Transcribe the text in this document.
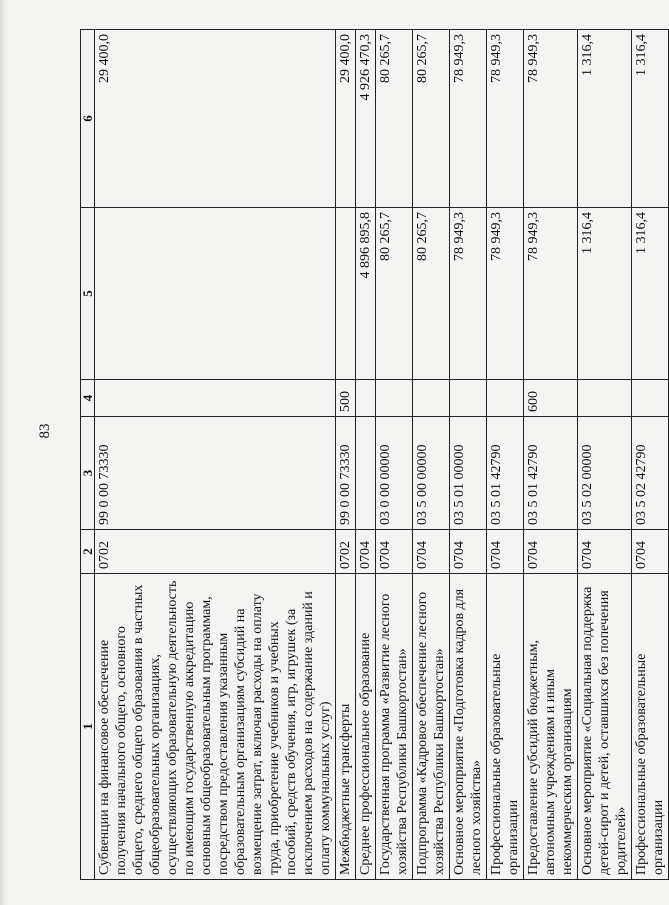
83
1	2	3	4	5	6
Субвенции на финансовое обеспечение получения начального общего, основного общего, среднего общего образования в частных общеобразовательных организациях, осуществляющих образовательную деятельность по имеющим государственную аккредитацию основным общеобразовательным программам, посредством предоставления указанным образовательным организациям субсидий на возмещение затрат, включая расходы на оплату труда, приобретение учебников и учебных пособий, средств обучения, игр, игрушек (за исключением расходов на содержание зданий и оплату коммунальных услуг)	0702	99 0 00 73330			29 400,0
Межбюджетные трансферты	0702	99 0 00 73330	500		29 400,0
Среднее профессиональное образование	0704			4 896 895,8	4 926 470,3
Государственная программа «Развитие лесного хозяйства Республики Башкортостан»	0704	03 0 00 00000		80 265,7	80 265,7
Подпрограмма «Кадровое обеспечение лесного хозяйства Республики Башкортостан»	0704	03 5 00 00000		80 265,7	80 265,7
Основное мероприятие «Подготовка кадров для лесного хозяйства»	0704	03 5 01 00000		78 949,3	78 949,3
Профессиональные образовательные организации	0704	03 5 01 42790		78 949,3	78 949,3
Предоставление субсидий бюджетным, автономным учреждениям и иным некоммерческим организациям	0704	03 5 01 42790	600	78 949,3	78 949,3
Основное мероприятие «Социальная поддержка детей-сирот и детей, оставшихся без попечения родителей»	0704	03 5 02 00000		1 316,4	1 316,4
Профессиональные образовательные организации	0704	03 5 02 42790		1 316,4	1 316,4
